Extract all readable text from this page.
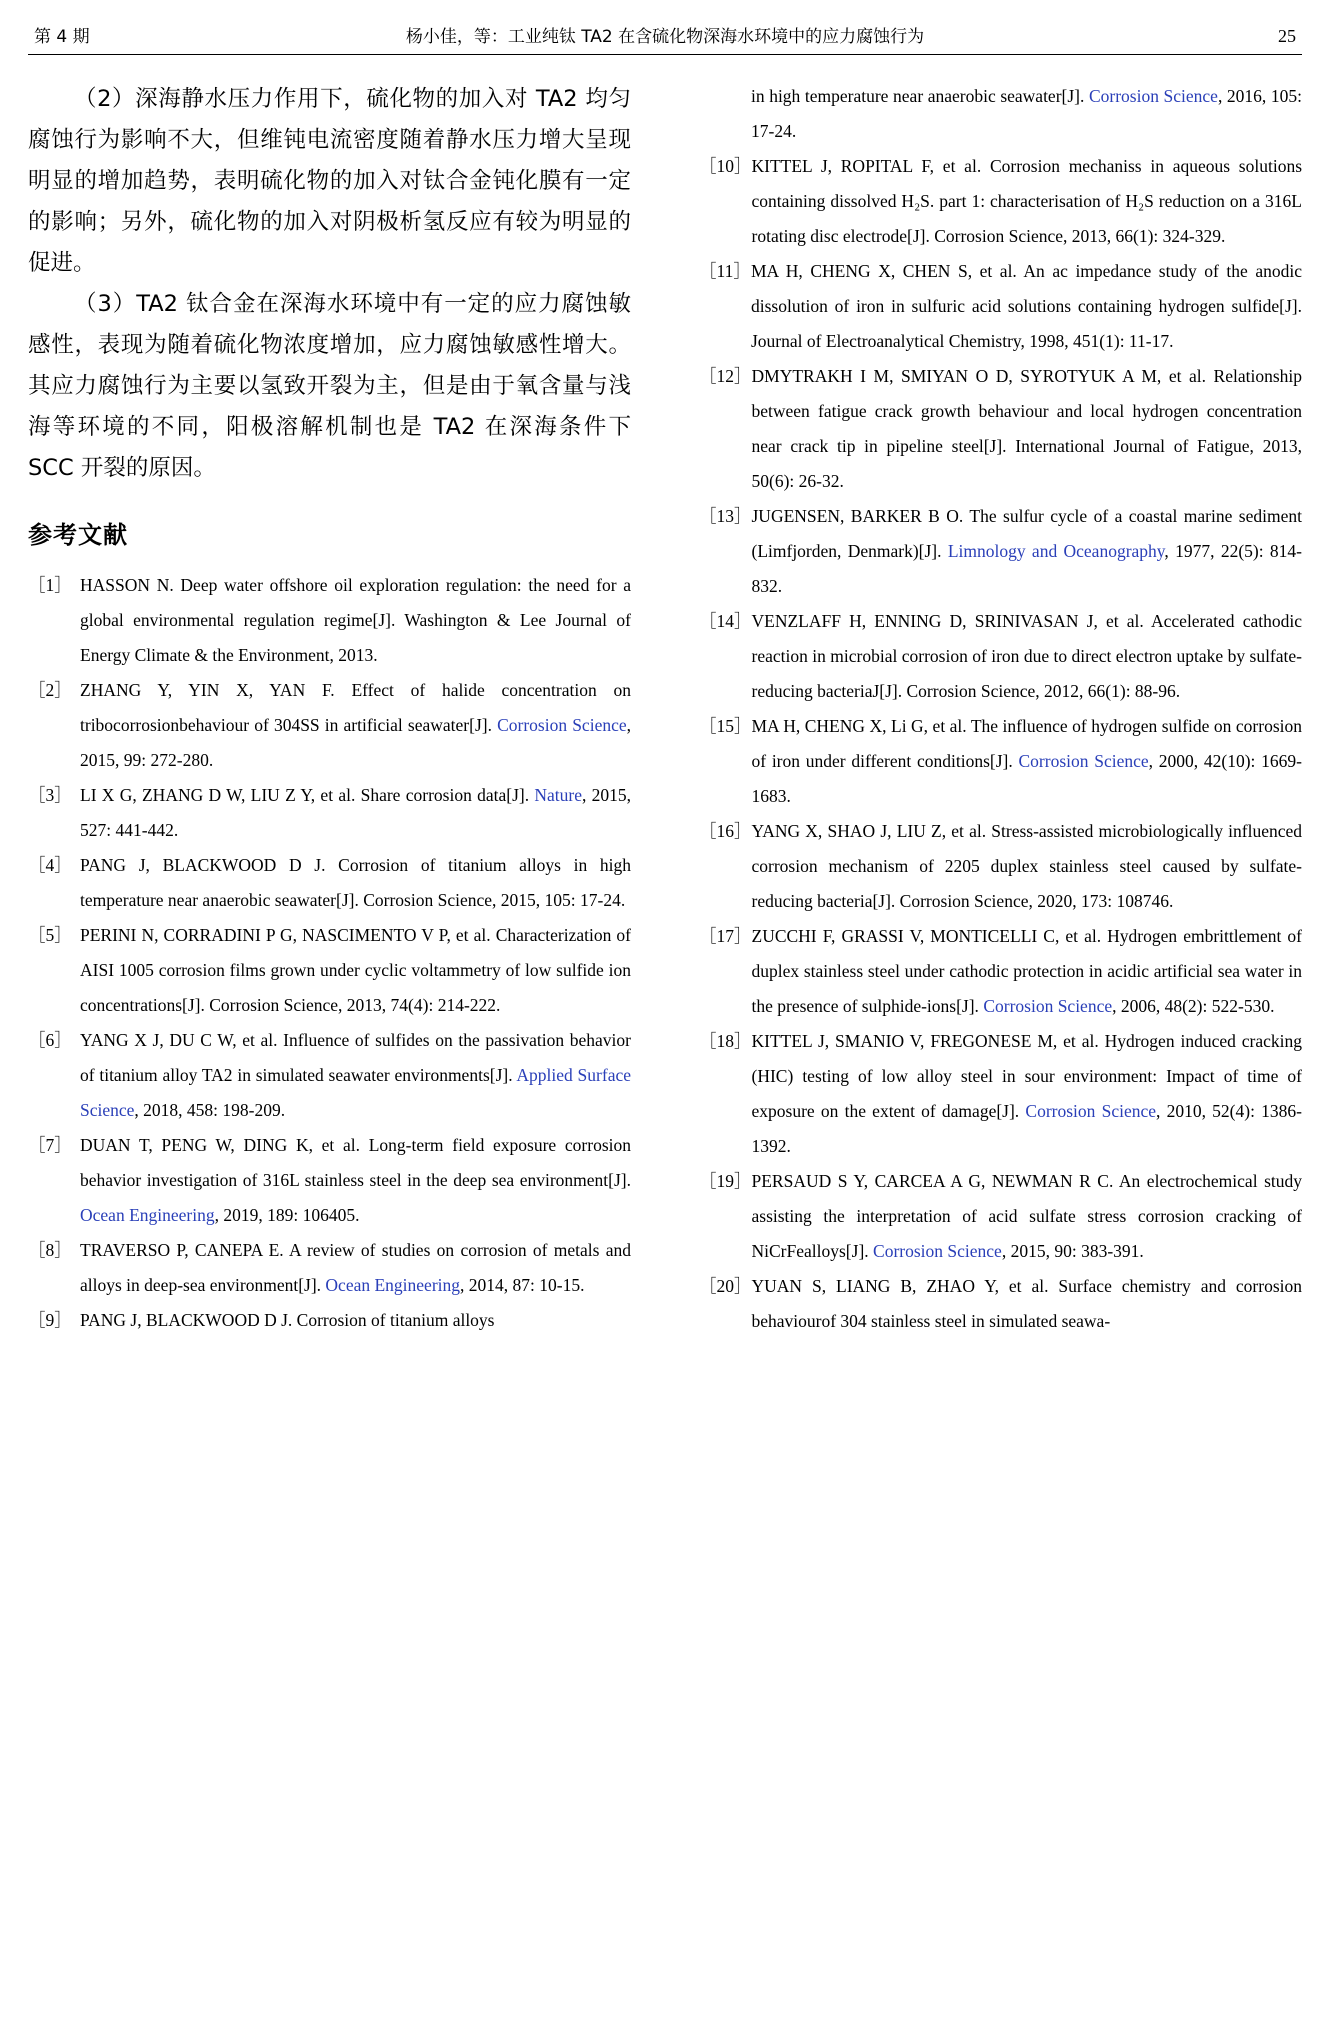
第 4 期	杨小佳，等：工业纯钛 TA2 在含硫化物深海水环境中的应力腐蚀行为	25

（2）深海静水压力作用下，硫化物的加入对 TA2 均匀腐蚀行为影响不大，但维钝电流密度随着静水压力增大呈现明显的增加趋势，表明硫化物的加入对钛合金钝化膜有一定的影响；另外，硫化物的加入对阴极析氢反应有较为明显的促进。

（3）TA2 钛合金在深海水环境中有一定的应力腐蚀敏感性，表现为随着硫化物浓度增加，应力腐蚀敏感性增大。其应力腐蚀行为主要以氢致开裂为主，但是由于氧含量与浅海等环境的不同，阳极溶解机制也是 TA2 在深海条件下 SCC 开裂的原因。

参考文献
［1］ HASSON N. Deep water offshore oil exploration regulation: the need for a global environmental regulation regime[J]. Washington & Lee Journal of Energy Climate & the Environment, 2013.
［2］ ZHANG Y, YIN X, YAN F. Effect of halide concentration on tribocorrosionbehaviour of 304SS in artificial seawater[J]. Corrosion Science, 2015, 99: 272-280.
［3］ LI X G, ZHANG D W, LIU Z Y, et al. Share corrosion data[J]. Nature, 2015, 527: 441-442.
［4］ PANG J, BLACKWOOD D J. Corrosion of titanium alloys in high temperature near anaerobic seawater[J]. Corrosion Science, 2015, 105: 17-24.
［5］ PERINI N, CORRADINI P G, NASCIMENTO V P, et al. Characterization of AISI 1005 corrosion films grown under cyclic voltammetry of low sulfide ion concentrations[J]. Corrosion Science, 2013, 74(4): 214-222.
［6］ YANG X J, DU C W, et al. Influence of sulfides on the passivation behavior of titanium alloy TA2 in simulated seawater environments[J]. Applied Surface Science, 2018, 458: 198-209.
［7］ DUAN T, PENG W, DING K, et al. Long-term field exposure corrosion behavior investigation of 316L stainless steel in the deep sea environment[J]. Ocean Engineering, 2019, 189: 106405.
［8］ TRAVERSO P, CANEPA E. A review of studies on corrosion of metals and alloys in deep-sea environment[J]. Ocean Engineering, 2014, 87: 10-15.
［9］ PANG J, BLACKWOOD D J. Corrosion of titanium alloys
in high temperature near anaerobic seawater[J]. Corrosion Science, 2016, 105: 17-24.
［10］ KITTEL J, ROPITAL F, et al. Corrosion mechaniss in aqueous solutions containing dissolved H₂S. part 1: characterisation of H₂S reduction on a 316L rotating disc electrode[J]. Corrosion Science, 2013, 66(1): 324-329.
［11］ MA H, CHENG X, CHEN S, et al. An ac impedance study of the anodic dissolution of iron in sulfuric acid solutions containing hydrogen sulfide[J]. Journal of Electroanalytical Chemistry, 1998, 451(1): 11-17.
［12］ DMYTRAKH I M, SMIYAN O D, SYROTYUK A M, et al. Relationship between fatigue crack growth behaviour and local hydrogen concentration near crack tip in pipeline steel[J]. International Journal of Fatigue, 2013, 50(6): 26-32.
［13］ JUGENSEN, BARKER B O. The sulfur cycle of a coastal marine sediment (Limfjorden, Denmark)[J]. Limnology and Oceanography, 1977, 22(5): 814-832.
［14］ VENZLAFF H, ENNING D, SRINIVASAN J, et al. Accelerated cathodic reaction in microbial corrosion of iron due to direct electron uptake by sulfate-reducing bacteriaJ[J]. Corrosion Science, 2012, 66(1): 88-96.
［15］ MA H, CHENG X, Li G, et al. The influence of hydrogen sulfide on corrosion of iron under different conditions[J]. Corrosion Science, 2000, 42(10): 1669-1683.
［16］ YANG X, SHAO J, LIU Z, et al. Stress-assisted microbiologically influenced corrosion mechanism of 2205 duplex stainless steel caused by sulfate-reducing bacteria[J]. Corrosion Science, 2020, 173: 108746.
［17］ ZUCCHI F, GRASSI V, MONTICELLI C, et al. Hydrogen embrittlement of duplex stainless steel under cathodic protection in acidic artificial sea water in the presence of sulphide-ions[J]. Corrosion Science, 2006, 48(2): 522-530.
［18］ KITTEL J, SMANIO V, FREGONESE M, et al. Hydrogen induced cracking (HIC) testing of low alloy steel in sour environment: Impact of time of exposure on the extent of damage[J]. Corrosion Science, 2010, 52(4): 1386-1392.
［19］ PERSAUD S Y, CARCEA A G, NEWMAN R C. An electrochemical study assisting the interpretation of acid sulfate stress corrosion cracking of NiCrFealloys[J]. Corrosion Science, 2015, 90: 383-391.
［20］ YUAN S, LIANG B, ZHAO Y, et al. Surface chemistry and corrosion behaviourof 304 stainless steel in simulated seawa-
